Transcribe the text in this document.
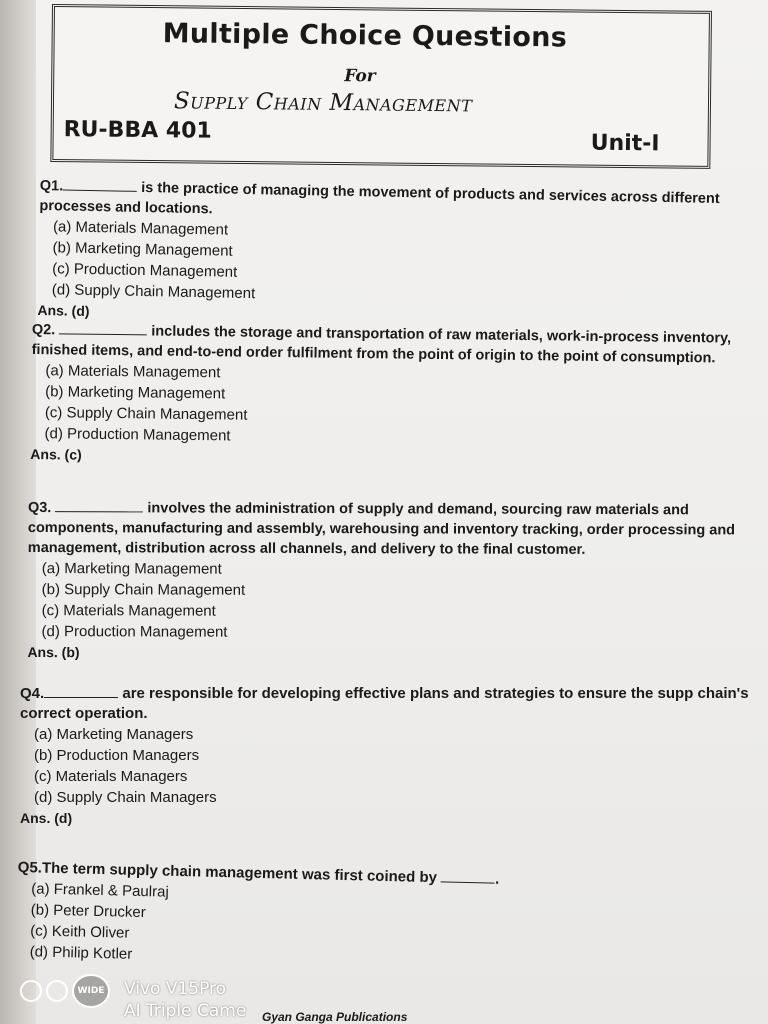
Multiple Choice Questions
For
Supply Chain Management
RU-BBA 401	Unit-I
Q1.	is the practice of managing the movement of products and services across different processes and locations.
(a) Materials Management
(b) Marketing Management
(c) Production Management
(d) Supply Chain Management
Ans. (d)
Q2.	includes the storage and transportation of raw materials, work-in-process inventory, finished items, and end-to-end order fulfilment from the point of origin to the point of consumption.
(a) Materials Management
(b) Marketing Management
(c) Supply Chain Management
(d) Production Management
Ans. (c)
Q3.	involves the administration of supply and demand, sourcing raw materials and components, manufacturing and assembly, warehousing and inventory tracking, order processing and management, distribution across all channels, and delivery to the final customer.
(a) Marketing Management
(b) Supply Chain Management
(c) Materials Management
(d) Production Management
Ans. (b)
Q4.	are responsible for developing effective plans and strategies to ensure the supp chain's correct operation.
(a) Marketing Managers
(b) Production Managers
(c) Materials Managers
(d) Supply Chain Managers
Ans. (d)
Q5.The term supply chain management was first coined by	.
(a) Frankel & Paulraj
(b) Peter Drucker
(c) Keith Oliver
(d) Philip Kotler
WIDE	Vivo V15Pro
AI Triple Came Gyan Ganga Publications
